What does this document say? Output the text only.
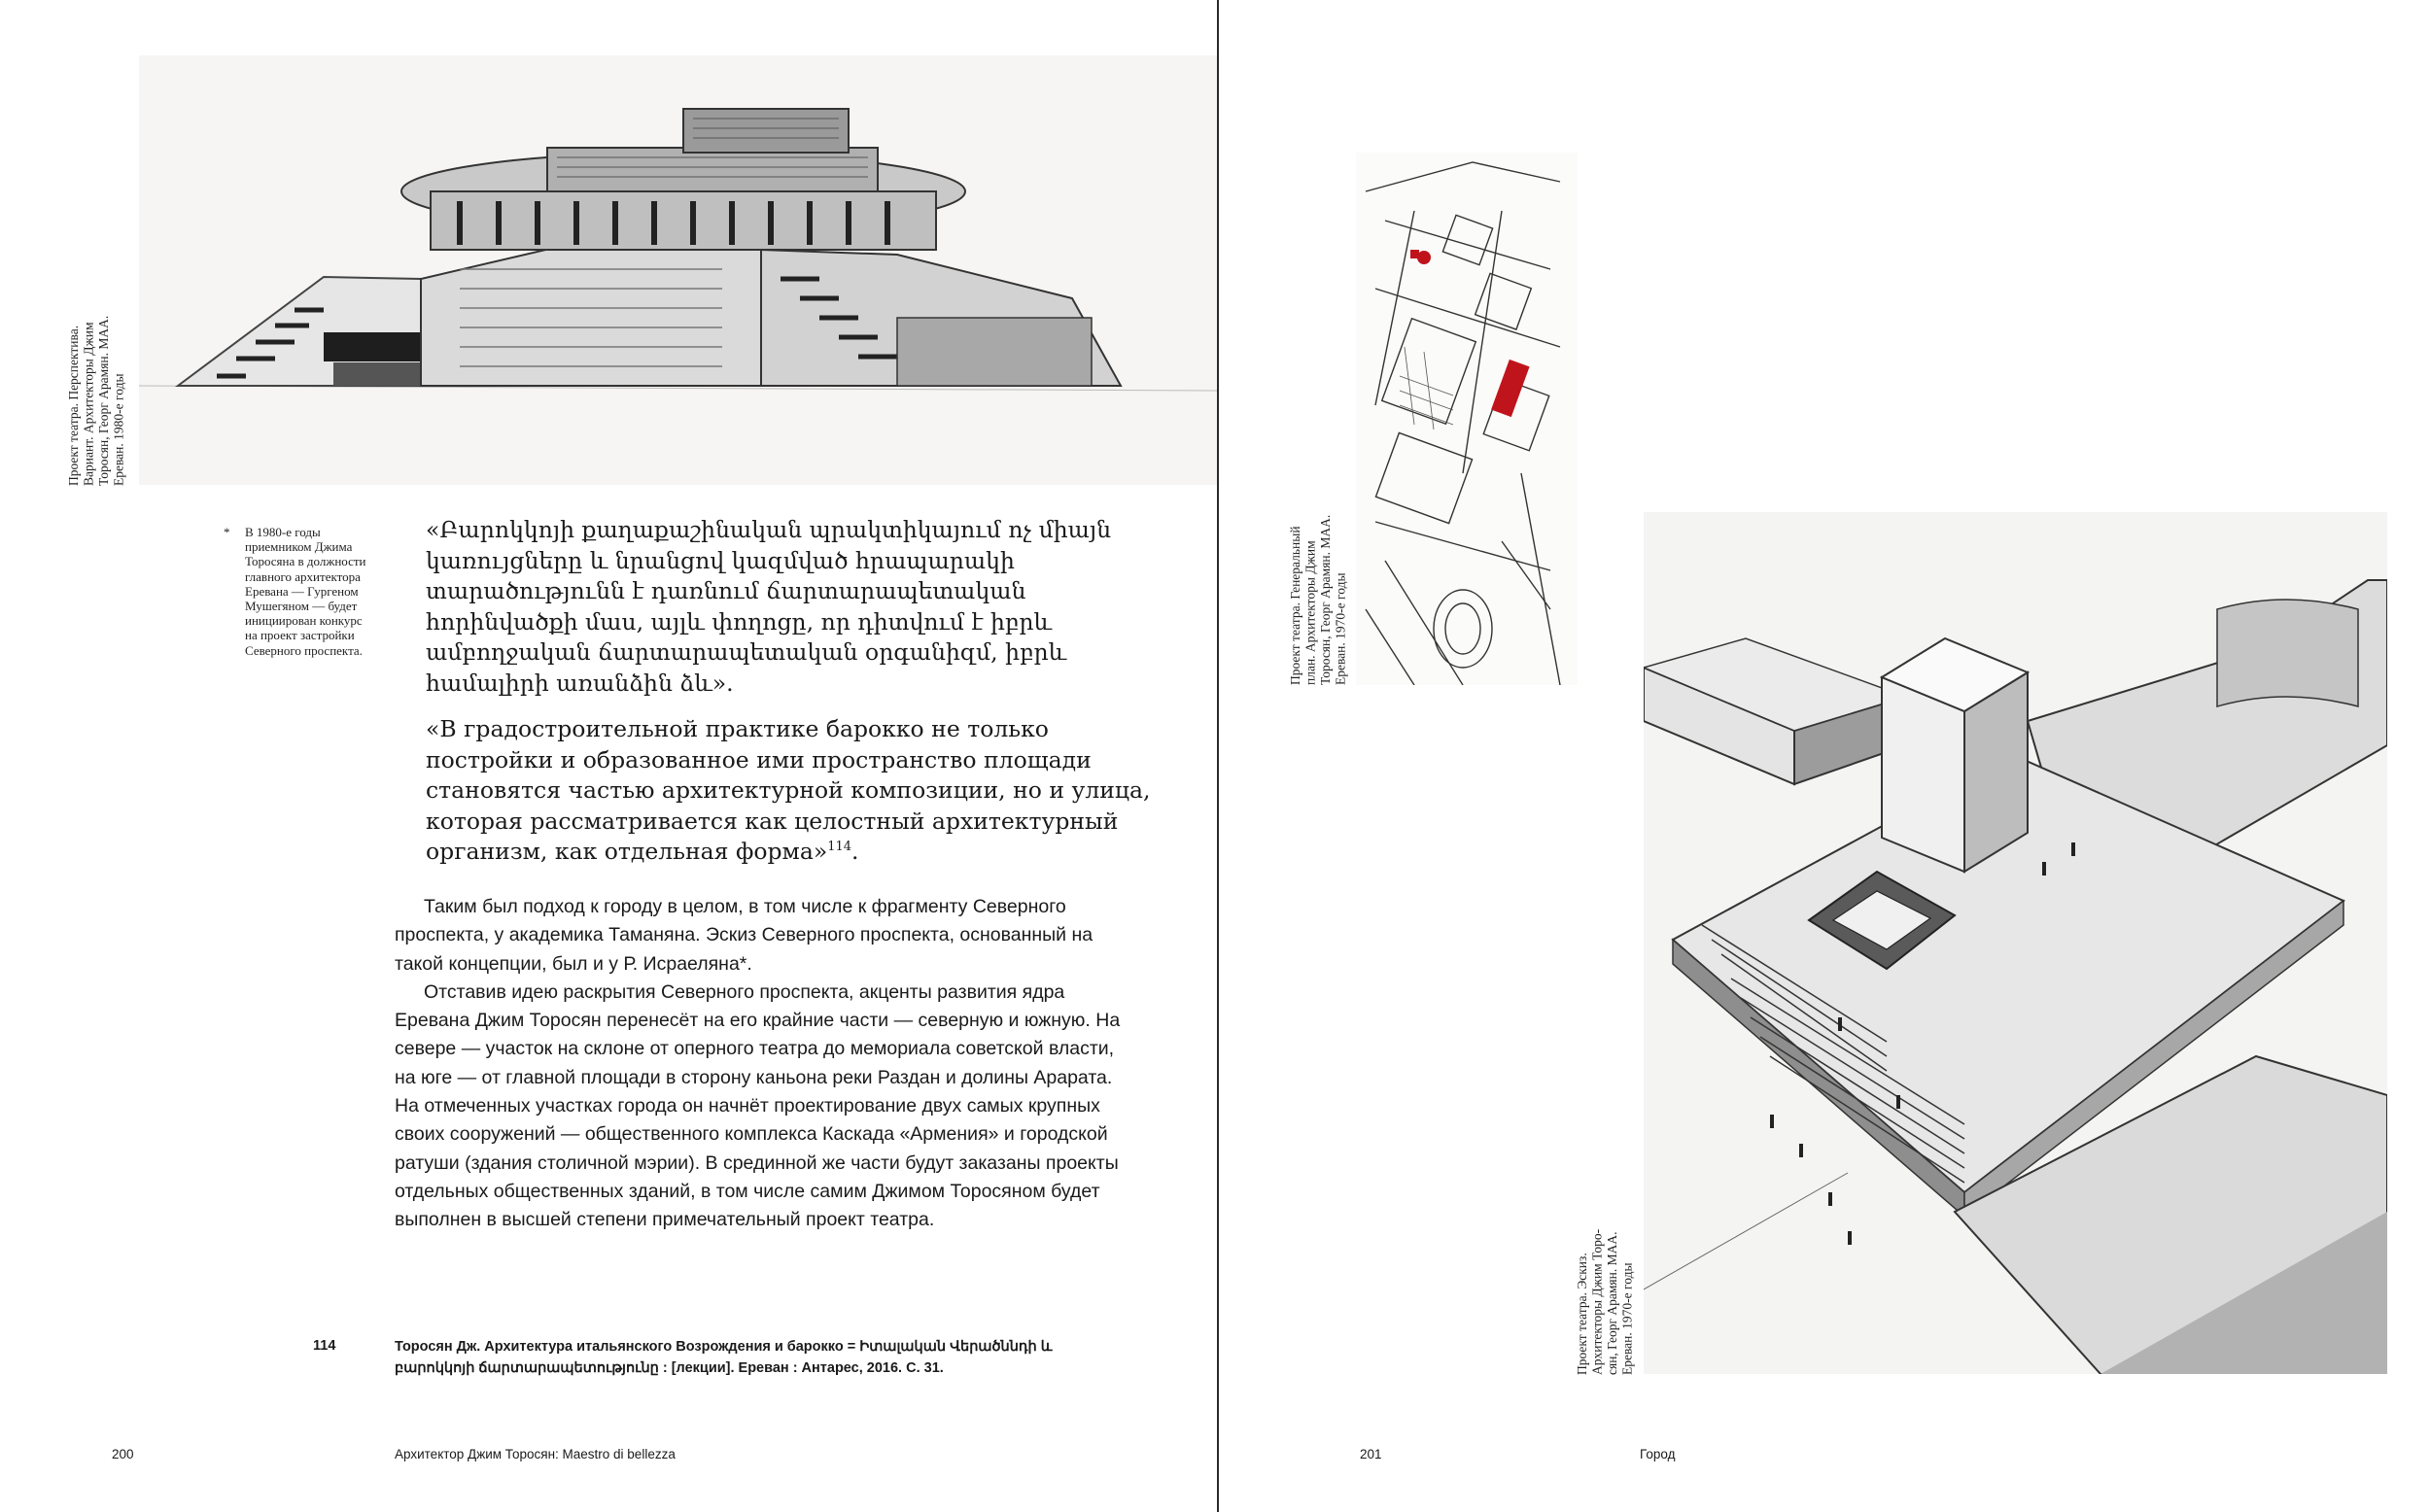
Проект театра. Перспектива.
Вариант. Архитекторы Джим
Торосян, Георг Арамян. МАА.
Ереван. 1980-е годы
*	В 1980-е годы приемником Джима Торосяна в должности главного архитектора Еревана — Гургеном Мушегяном — будет инициирован конкурс на проект застройки Северного проспекта.
«Բարոկկոյի քաղաքաշինական պրակտիկայում ոչ միայն կառույցները և նրանցով կազմված հրապարակի տարածությունն է դառնում ճարտարապետական հորինվածքի մաս, այլև փողոցը, որ դիտվում է իբրև ամբողջական ճարտարապետական օրգանիզմ, իբրև համալիրի առանձին ձև».
«В градостроительной практике барокко не только постройки и образованное ими пространство площади становятся частью архитектурной композиции, но и улица, которая рассматривается как целостный архитектурный организм, как отдельная форма»$^{114}$.

Таким был подход к городу в целом, в том числе к фрагменту Северного проспекта, у академика Таманяна. Эскиз Северного проспекта, основанный на такой концепции, был и у Р. Исраеляна*.

Отставив идею раскрытия Северного проспекта, акценты развития ядра Еревана Джим Торосян перенесёт на его крайние части — северную и южную. На севере — участок на склоне от оперного театра до мемориала советской власти, на юге — от главной площади в сторону каньона реки Раздан и долины Арарата. На отмеченных участках города он начнёт проектирование двух самых крупных своих сооружений — общественного комплекса Каскада «Армения» и городской ратуши (здания столичной мэрии). В срединной же части будут заказаны проекты отдельных общественных зданий, в том числе самим Джимом Торосяном будет выполнен в высшей степени примечательный проект театра.

114	Торосян Дж. Архитектура итальянского Возрождения и барокко = Իտալական Վերածննդի և բարոկկոյի ճարտարապետությունը : [лекции]. Ереван : Антарес, 2016. С. 31.
200	Архитектор Джим Торосян: Maestro di bellezza
Проект театра. Генеральный
план. Архитекторы Джим
Торосян, Георг Арамян. МАА.
Ереван. 1970-е годы
Проект театра. Эскиз.
Архитекторы Джим Торо-
сян, Георг Арамян. МАА.
Ереван. 1970-е годы
201	Город
